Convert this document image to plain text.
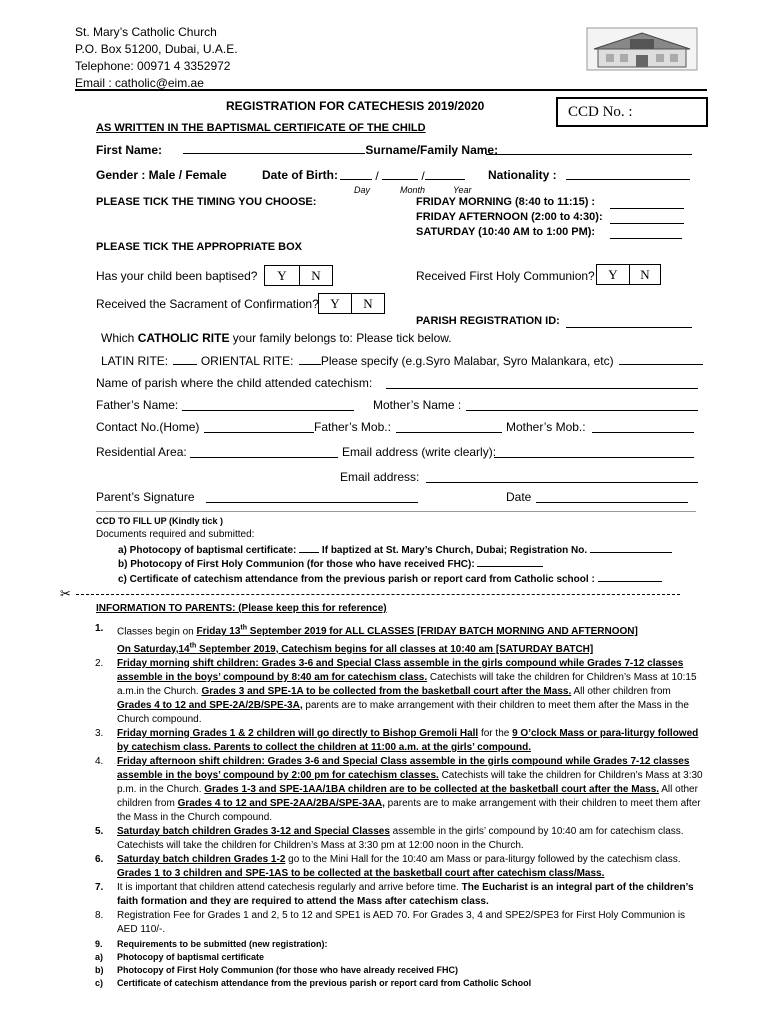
St. Mary’s Catholic Church
P.O. Box 51200, Dubai, U.A.E.
Telephone: 00971 4 3352972
Email : catholic@eim.ae
REGISTRATION FOR CATECHESIS 2019/2020	CCD No. :
AS WRITTEN IN THE BAPTISMAL CERTIFICATE OF THE CHILD
First Name:	Surname/Family Name:
Gender : Male / Female	Date of Birth:	/	/
Day	Month	Year
Nationality :
PLEASE TICK THE TIMING YOU CHOOSE:	FRIDAY MORNING (8:40 to 11:15) :
FRIDAY AFTERNOON (2:00 to 4:30):
SATURDAY (10:40 AM to 1:00 PM):
PLEASE TICK THE APPROPRIATE BOX
Has your child been baptised?	Y	N	Received First Holy Communion?	Y	N
Received the Sacrament of Confirmation? Y	N
PARISH REGISTRATION ID:
Which CATHOLIC RITE your family belongs to: Please tick below.
LATIN RITE:	ORIENTAL RITE: Please specify (e.g.Syro Malabar, Syro Malankara, etc)
Name of parish where the child attended catechism:
Father’s Name:	Mother’s Name :
Contact No.(Home)	Father’s Mob.:	Mother’s Mob.:
Residential Area:	Email address (write clearly):
Email address:
Parent’s Signature	Date
CCD TO FILL UP (Kindly tick )
Documents required and submitted:
a) Photocopy of baptismal certificate:  If baptized at St. Mary’s Church, Dubai; Registration No.
b) Photocopy of First Holy Communion (for those who have received FHC):
c) Certificate of catechism attendance from the previous parish or report card from Catholic school :
✂
INFORMATION TO PARENTS: (Please keep this for reference)
1. Classes begin on Friday 13th September 2019 for ALL CLASSES [FRIDAY BATCH MORNING AND AFTERNOON]
On Saturday,14th September 2019, Catechism begins for all classes at 10:40 am [SATURDAY BATCH]
2. Friday morning shift children: Grades 3-6 and Special Class assemble in the girls compound while Grades 7-12 classes assemble in the boys’ compound by 8:40 am for catechism class. Catechists will take the children for Children’s Mass at 10:15 a.m.in the Church. Grades 3 and SPE-1A to be collected from the basketball court after the Mass. All other children from Grades 4 to 12 and SPE-2A/2B/SPE-3A, parents are to make arrangement with their children to meet them after the Mass in the Church compound.
3. Friday morning Grades 1 & 2 children will go directly to Bishop Gremoli Hall for the 9 O’clock Mass or para-liturgy followed by catechism class. Parents to collect the children at 11:00 a.m. at the girls’ compound.
4. Friday afternoon shift children: Grades 3-6 and Special Class assemble in the girls compound while Grades 7-12 classes assemble in the boys’ compound by 2:00 pm for catechism classes. Catechists will take the children for Children’s Mass at 3:30 p.m. in the Church. Grades 1-3 and SPE-1AA/1BA children are to be collected at the basketball court after the Mass. All other children from Grades 4 to 12 and SPE-2AA/2BA/SPE-3AA, parents are to make arrangement with their children to meet them after the Mass in the Church compound.
5. Saturday batch children Grades 3-12 and Special Classes assemble in the girls’ compound by 10:40 am for catechism class. Catechists will take the children for Children’s Mass at 3:30 pm at 12:00 noon in the Church.
6. Saturday batch children Grades 1-2 go to the Mini Hall for the 10:40 am Mass or para-liturgy followed by the catechism class. Grades 1 to 3 children and SPE-1AS to be collected at the basketball court after catechism class/Mass.
7. It is important that children attend catechesis regularly and arrive before time. The Eucharist is an integral part of the children’s faith formation and they are required to attend the Mass after catechism class.
8. Registration Fee for Grades 1 and 2, 5 to 12 and SPE1 is AED 70. For Grades 3, 4 and SPE2/SPE3 for First Holy Communion is AED 110/-.
9. Requirements to be submitted (new registration):
a) Photocopy of baptismal certificate
b) Photocopy of First Holy Communion (for those who have already received FHC)
c) Certificate of catechism attendance from the previous parish or report card from Catholic School
